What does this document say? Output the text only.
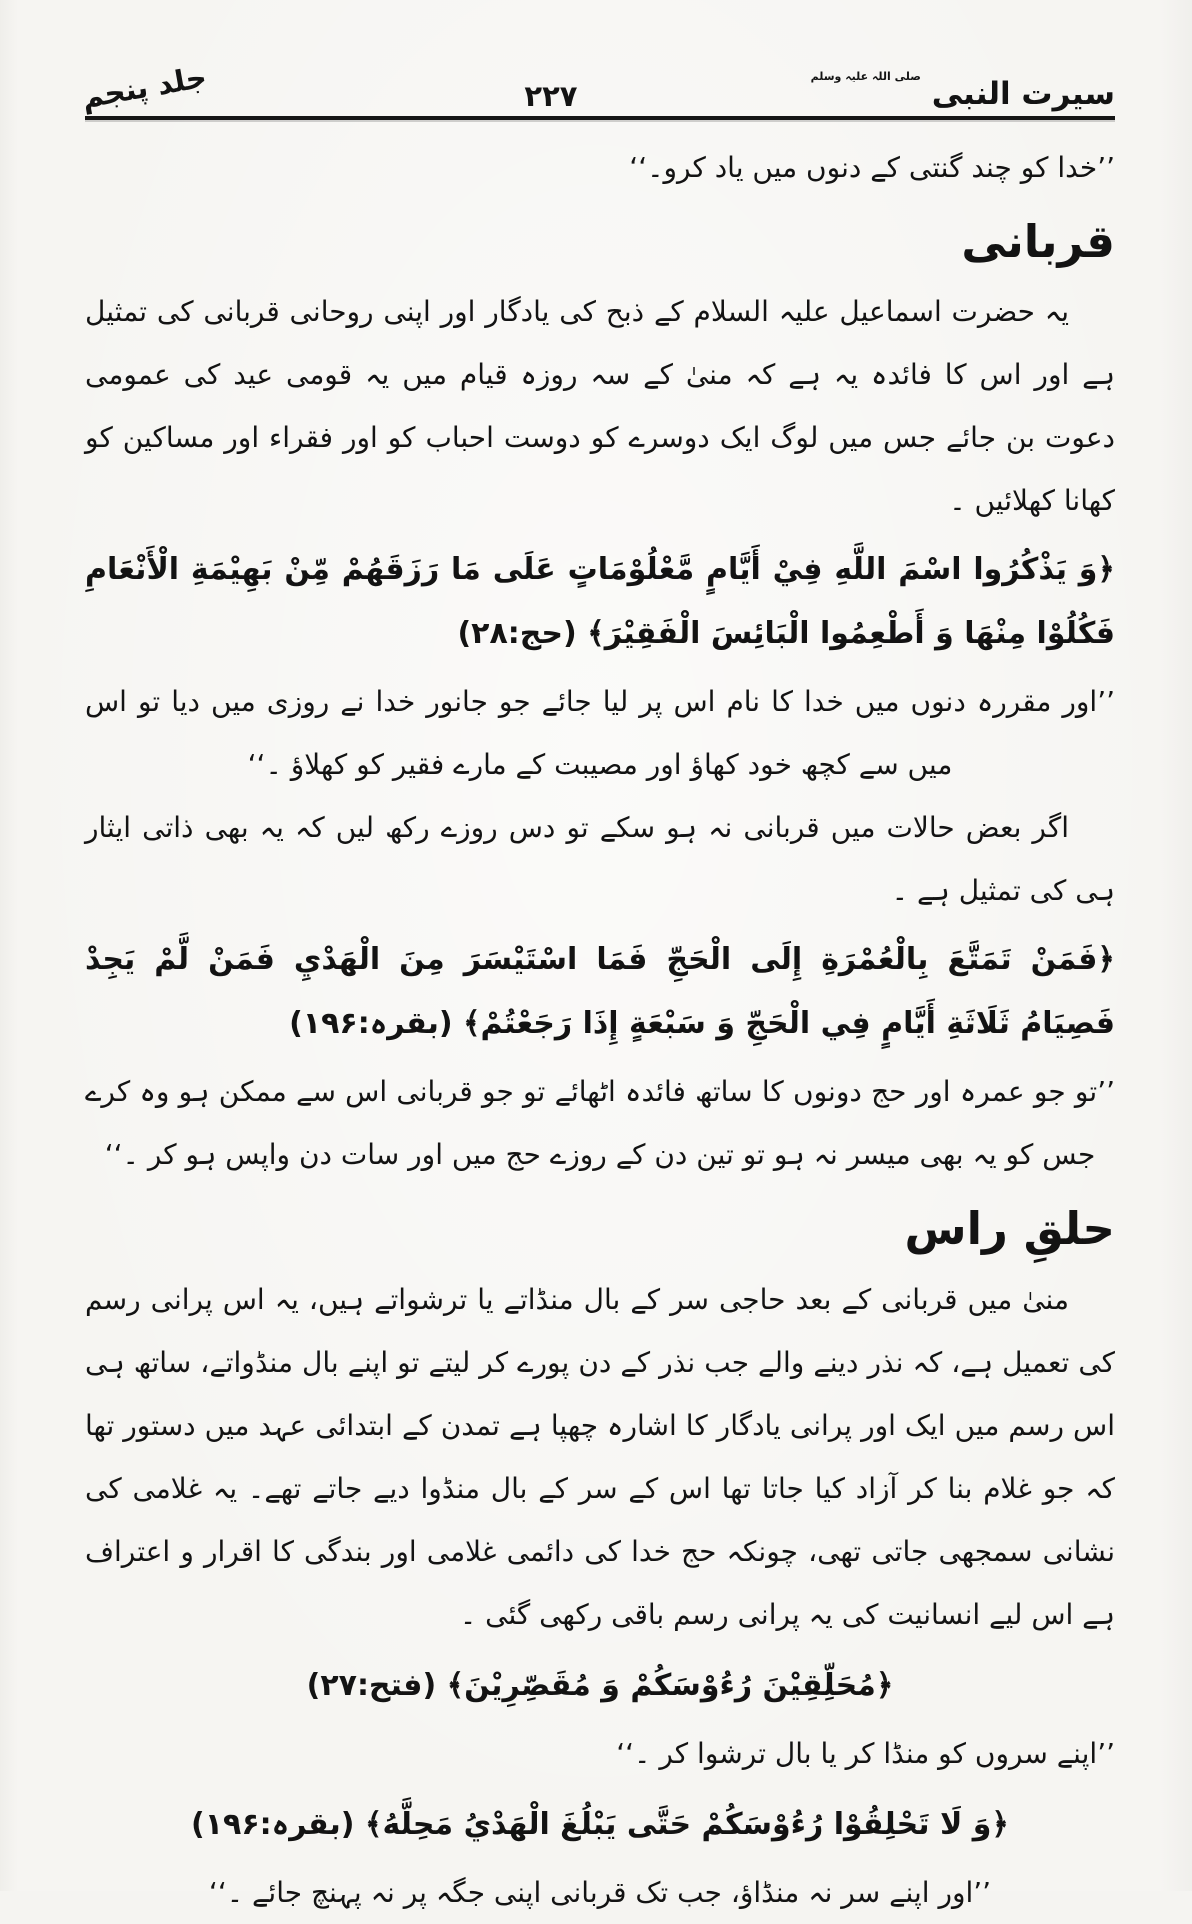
سیرت النبی صلی اللہ علیہ وسلم
۲۲۷
جلد پنجم
’’خدا کو چند گنتی کے دنوں میں یاد کرو۔‘‘
قربانی
یہ حضرت اسماعیل علیہ السلام کے ذبح کی یادگار اور اپنی روحانی قربانی کی تمثیل ہے اور اس کا فائدہ یہ ہے کہ منیٰ کے سہ روزہ قیام میں یہ قومی عید کی عمومی دعوت بن جائے جس میں لوگ ایک دوسرے کو دوست احباب کو اور فقراء اور مساکین کو کھانا کھلائیں ۔
﴿وَ يَذْكُرُوا اسْمَ اللَّهِ فِيْ أَيَّامٍ مَّعْلُوْمَاتٍ عَلَى مَا رَزَقَهُمْ مِّنْ بَهِيْمَةِ الْأَنْعَامِ فَكُلُوْا مِنْهَا وَ أَطْعِمُوا الْبَائِسَ الْفَقِيْرَ﴾ (حج:۲۸)
’’اور مقررہ دنوں میں خدا کا نام اس پر لیا جائے جو جانور خدا نے روزی میں دیا تو اس میں سے کچھ خود کھاؤ اور مصیبت کے مارے فقیر کو کھلاؤ ۔‘‘
اگر بعض حالات میں قربانی نہ ہو سکے تو دس روزے رکھ لیں کہ یہ بھی ذاتی ایثار ہی کی تمثیل ہے ۔
﴿فَمَنْ تَمَتَّعَ بِالْعُمْرَةِ إِلَى الْحَجِّ فَمَا اسْتَيْسَرَ مِنَ الْهَدْيِ فَمَنْ لَّمْ يَجِدْ فَصِيَامُ ثَلَاثَةِ أَيَّامٍ فِي الْحَجِّ وَ سَبْعَةٍ إِذَا رَجَعْتُمْ﴾ (بقرہ:۱۹۶)
’’تو جو عمرہ اور حج دونوں کا ساتھ فائدہ اٹھائے تو جو قربانی اس سے ممکن ہو وہ کرے جس کو یہ بھی میسر نہ ہو تو تین دن کے روزے حج میں اور سات دن واپس ہو کر ۔‘‘
حلقِ راس
منیٰ میں قربانی کے بعد حاجی سر کے بال منڈاتے یا ترشواتے ہیں، یہ اس پرانی رسم کی تعمیل ہے، کہ نذر دینے والے جب نذر کے دن پورے کر لیتے تو اپنے بال منڈواتے، ساتھ ہی اس رسم میں ایک اور پرانی یادگار کا اشارہ چھپا ہے تمدن کے ابتدائی عہد میں دستور تھا کہ جو غلام بنا کر آزاد کیا جاتا تھا اس کے سر کے بال منڈوا دیے جاتے تھے۔ یہ غلامی کی نشانی سمجھی جاتی تھی، چونکہ حج خدا کی دائمی غلامی اور بندگی کا اقرار و اعتراف ہے اس لیے انسانیت کی یہ پرانی رسم باقی رکھی گئی ۔
﴿مُحَلِّقِيْنَ رُءُوْسَكُمْ وَ مُقَصِّرِيْنَ﴾ (فتح:۲۷)
’’اپنے سروں کو منڈا کر یا بال ترشوا کر ۔‘‘
﴿وَ لَا تَحْلِقُوْا رُءُوْسَكُمْ حَتَّى يَبْلُغَ الْهَدْيُ مَحِلَّهُ﴾ (بقرہ:۱۹۶)
’’اور اپنے سر نہ منڈاؤ، جب تک قربانی اپنی جگہ پر نہ پہنچ جائے ۔‘‘
